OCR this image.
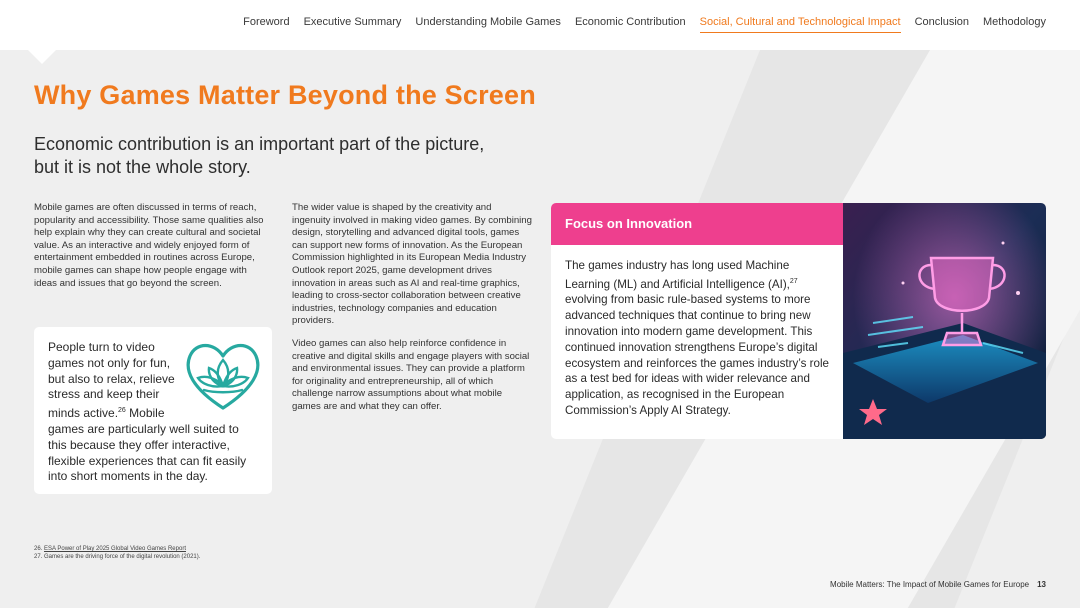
Foreword Executive Summary Understanding Mobile Games Economic Contribution Social, Cultural and Technological Impact Conclusion Methodology
Why Games Matter Beyond the Screen
Economic contribution is an important part of the picture, but it is not the whole story.

Mobile games are often discussed in terms of reach, popularity and accessibility. Those same qualities also help explain why they can create cultural and societal value. As an interactive and widely enjoyed form of entertainment embedded in routines across Europe, mobile games can shape how people engage with ideas and issues that go beyond the screen.

People turn to video games not only for fun, but also to relax, relieve stress and keep their minds active.$^{26}$ Mobile games are particularly well suited to this because they offer interactive, flexible experiences that can fit easily into short moments in the day.

The wider value is shaped by the creativity and ingenuity involved in making video games. By combining design, storytelling and advanced digital tools, games can support new forms of innovation. As the European Commission highlighted in its European Media Industry Outlook report 2025, game development drives innovation in areas such as AI and real-time graphics, leading to cross-sector collaboration between creative industries, technology companies and education providers.

Video games can also help reinforce confidence in creative and digital skills and engage players with social and environmental issues. They can provide a platform for originality and entrepreneurship, all of which challenge narrow assumptions about what mobile games are and what they can offer.

Focus on Innovation
The games industry has long used Machine Learning (ML) and Artificial Intelligence (AI),$^{27}$ evolving from basic rule-based systems to more advanced techniques that continue to bring new innovation into modern game development. This continued innovation strengthens Europe’s digital ecosystem and reinforces the games industry’s role as a test bed for ideas with wider relevance and application, as recognised in the European Commission’s Apply AI Strategy.
26. ESA Power of Play 2025 Global Video Games Report
27. Games are the driving force of the digital revolution (2021).
Mobile Matters: The Impact of Mobile Games for Europe 13
